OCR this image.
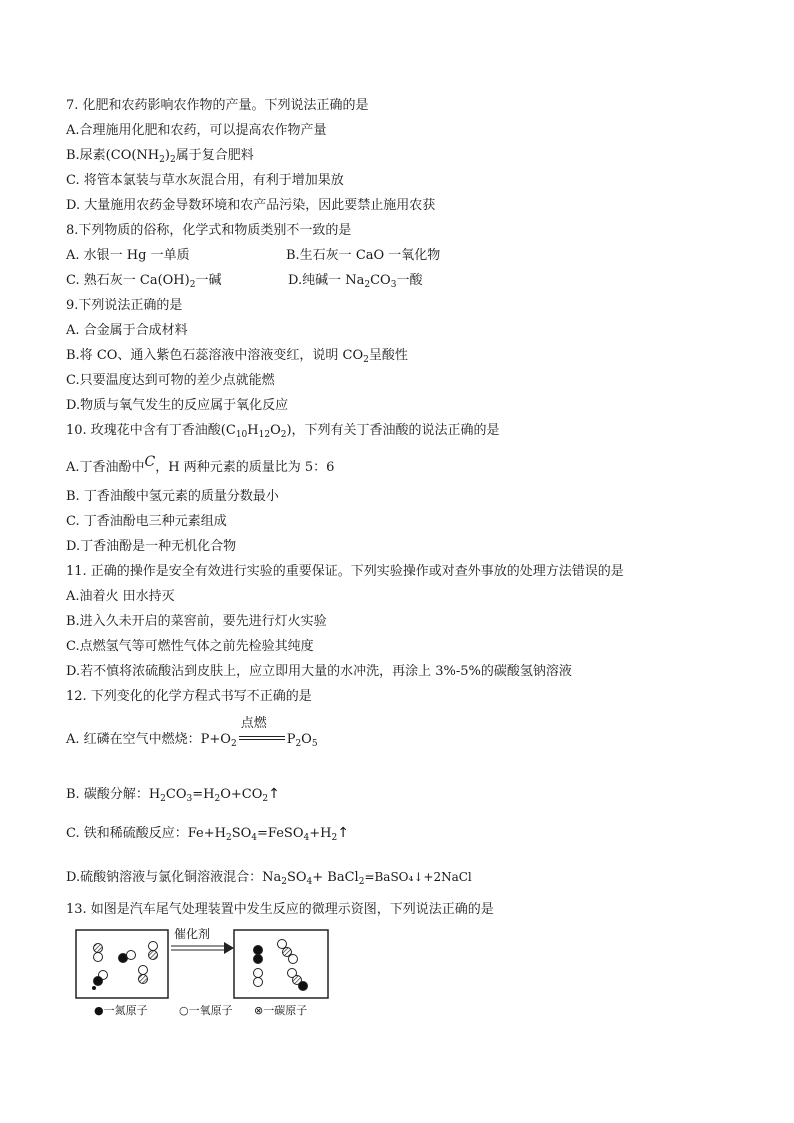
7. 化肥和农药影响农作物的产量。下列说法正确的是
A.合理施用化肥和农药，可以提高农作物产量
B.尿素($CO(NH_2)_2$属于复合肥料
C. 将管本氯装与草水灰混合用，有利于增加果放
D. 大量施用农药金导数环境和农产品污染，因此要禁止施用农获
8.下列物质的俗称，化学式和物质类别不一致的是
A. 水银一 Hg 一单质	B.生石灰一 CaO 一氧化物
C. 熟石灰一 $Ca(OH)_2$一碱	D.纯碱一 $Na_2CO_3$一酸
9.下列说法正确的是
A. 合金属于合成材料
B.将 CO、通入紫色石蕊溶液中溶液变红，说明 $CO_2$呈酸性
C.只要温度达到可物的差少点就能燃
D.物质与氧气发生的反应属于氧化反应
10. 玫瑰花中含有丁香油酸$(C_{10}H_{12}O_2)$，下列有关丁香油酸的说法正确的是
A.丁香油酚中C，H 两种元素的质量比为 5：6
B. 丁香油酸中氢元素的质量分数最小
C. 丁香油酚电三种元素组成
D.丁香油酚是一种无机化合物
11. 正确的操作是安全有效进行实验的重要保证。下列实验操作或对查外事放的处理方法错误的是
A.油着火 田水持灭
B.进入久未开启的菜窖前，要先进行灯火实验
C.点燃氢气等可燃性气体之前先检验其纯度
D.若不慎将浓硫酸沾到皮肤上，应立即用大量的水冲洗，再涂上 3%-5%的碳酸氢钠溶液
12. 下列变化的化学方程式书写不正确的是
A. 红磷在空气中燃烧：$P+O_2$
点燃
$P_2O_5$
B. 碳酸分解：$H_2CO_3=H_2O+CO_2↑$
C. 铁和稀硫酸反应：$Fe+H_2SO_4=FeSO_4+H_2↑$
D.硫酸钠溶液与氯化铜溶液混合：$Na_2SO_4+$ BaCl$_2$=BaSO₄↓+2NaCl
13. 如图是汽车尾气处理装置中发生反应的微理示资图，下列说法正确的是
催化剂
●一氮原子	○一氧原子 ⊗一碳原子
